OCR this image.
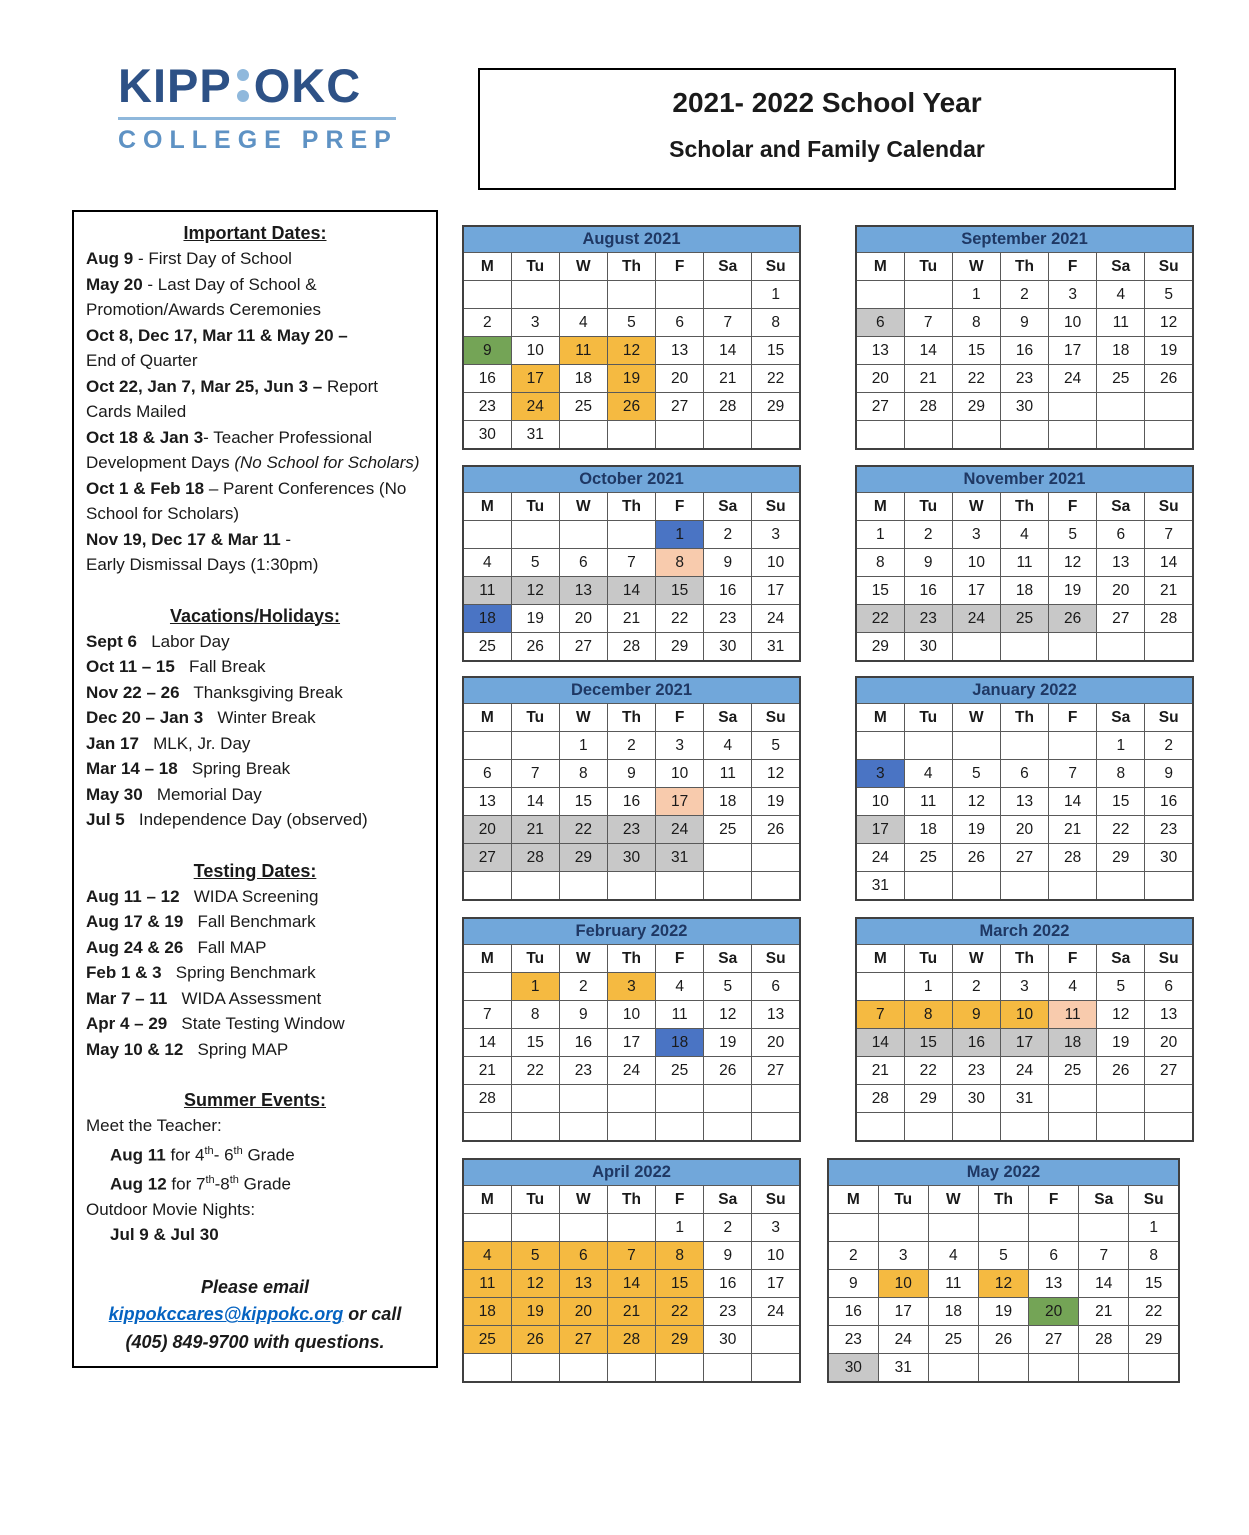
KIPP OKC
COLLEGE PREP
2021- 2022 School Year
Scholar and Family Calendar
Important Dates:
Aug 9 - First Day of School
May 20 - Last Day of School & Promotion/Awards Ceremonies
Oct 8, Dec 17, Mar 11 & May 20 –
End of Quarter
Oct 22, Jan 7, Mar 25, Jun 3 – Report Cards Mailed
Oct 18 & Jan 3- Teacher Professional Development Days (No School for Scholars)
Oct 1 & Feb 18 – Parent Conferences (No School for Scholars)
Nov 19, Dec 17 & Mar 11 -
Early Dismissal Days (1:30pm)
Vacations/Holidays:
Sept 6   Labor Day
Oct 11 – 15   Fall Break
Nov 22 – 26   Thanksgiving Break
Dec 20 – Jan 3   Winter Break
Jan 17   MLK, Jr. Day
Mar 14 – 18   Spring Break
May 30   Memorial Day
Jul 5   Independence Day (observed)
Testing Dates:
Aug 11 – 12   WIDA Screening
Aug 17 & 19   Fall Benchmark
Aug 24 & 26   Fall MAP
Feb 1 & 3   Spring Benchmark
Mar 7 – 11   WIDA Assessment
Apr 4 – 29   State Testing Window
May 10 & 12   Spring MAP
Summer Events:
Meet the Teacher:
Aug 11 for 4th- 6th Grade
Aug 12 for 7th-8th Grade
Outdoor Movie Nights:
Jul 9 & Jul 30
Please email
kippokccares@kippokc.org or call
(405) 849-9700 with questions.
August 2021						
M	Tu	W	Th	F	Sa	Su
						1
2	3	4	5	6	7	8
9	10	11	12	13	14	15
16	17	18	19	20	21	22
23	24	25	26	27	28	29
30	31					
September 2021						
M	Tu	W	Th	F	Sa	Su
		1	2	3	4	5
6	7	8	9	10	11	12
13	14	15	16	17	18	19
20	21	22	23	24	25	26
27	28	29	30			

October 2021						
M	Tu	W	Th	F	Sa	Su
				1	2	3
4	5	6	7	8	9	10
11	12	13	14	15	16	17
18	19	20	21	22	23	24
25	26	27	28	29	30	31
November 2021						
M	Tu	W	Th	F	Sa	Su
1	2	3	4	5	6	7
8	9	10	11	12	13	14
15	16	17	18	19	20	21
22	23	24	25	26	27	28
29	30					
December 2021						
M	Tu	W	Th	F	Sa	Su
		1	2	3	4	5
6	7	8	9	10	11	12
13	14	15	16	17	18	19
20	21	22	23	24	25	26
27	28	29	30	31		

January 2022						
M	Tu	W	Th	F	Sa	Su
					1	2
3	4	5	6	7	8	9
10	11	12	13	14	15	16
17	18	19	20	21	22	23
24	25	26	27	28	29	30
31						
February 2022						
M	Tu	W	Th	F	Sa	Su
	1	2	3	4	5	6
7	8	9	10	11	12	13
14	15	16	17	18	19	20
21	22	23	24	25	26	27
28						

March 2022						
M	Tu	W	Th	F	Sa	Su
	1	2	3	4	5	6
7	8	9	10	11	12	13
14	15	16	17	18	19	20
21	22	23	24	25	26	27
28	29	30	31			

April 2022						
M	Tu	W	Th	F	Sa	Su
				1	2	3
4	5	6	7	8	9	10
11	12	13	14	15	16	17
18	19	20	21	22	23	24
25	26	27	28	29	30	

May 2022						
M	Tu	W	Th	F	Sa	Su
						1
2	3	4	5	6	7	8
9	10	11	12	13	14	15
16	17	18	19	20	21	22
23	24	25	26	27	28	29
30	31					
